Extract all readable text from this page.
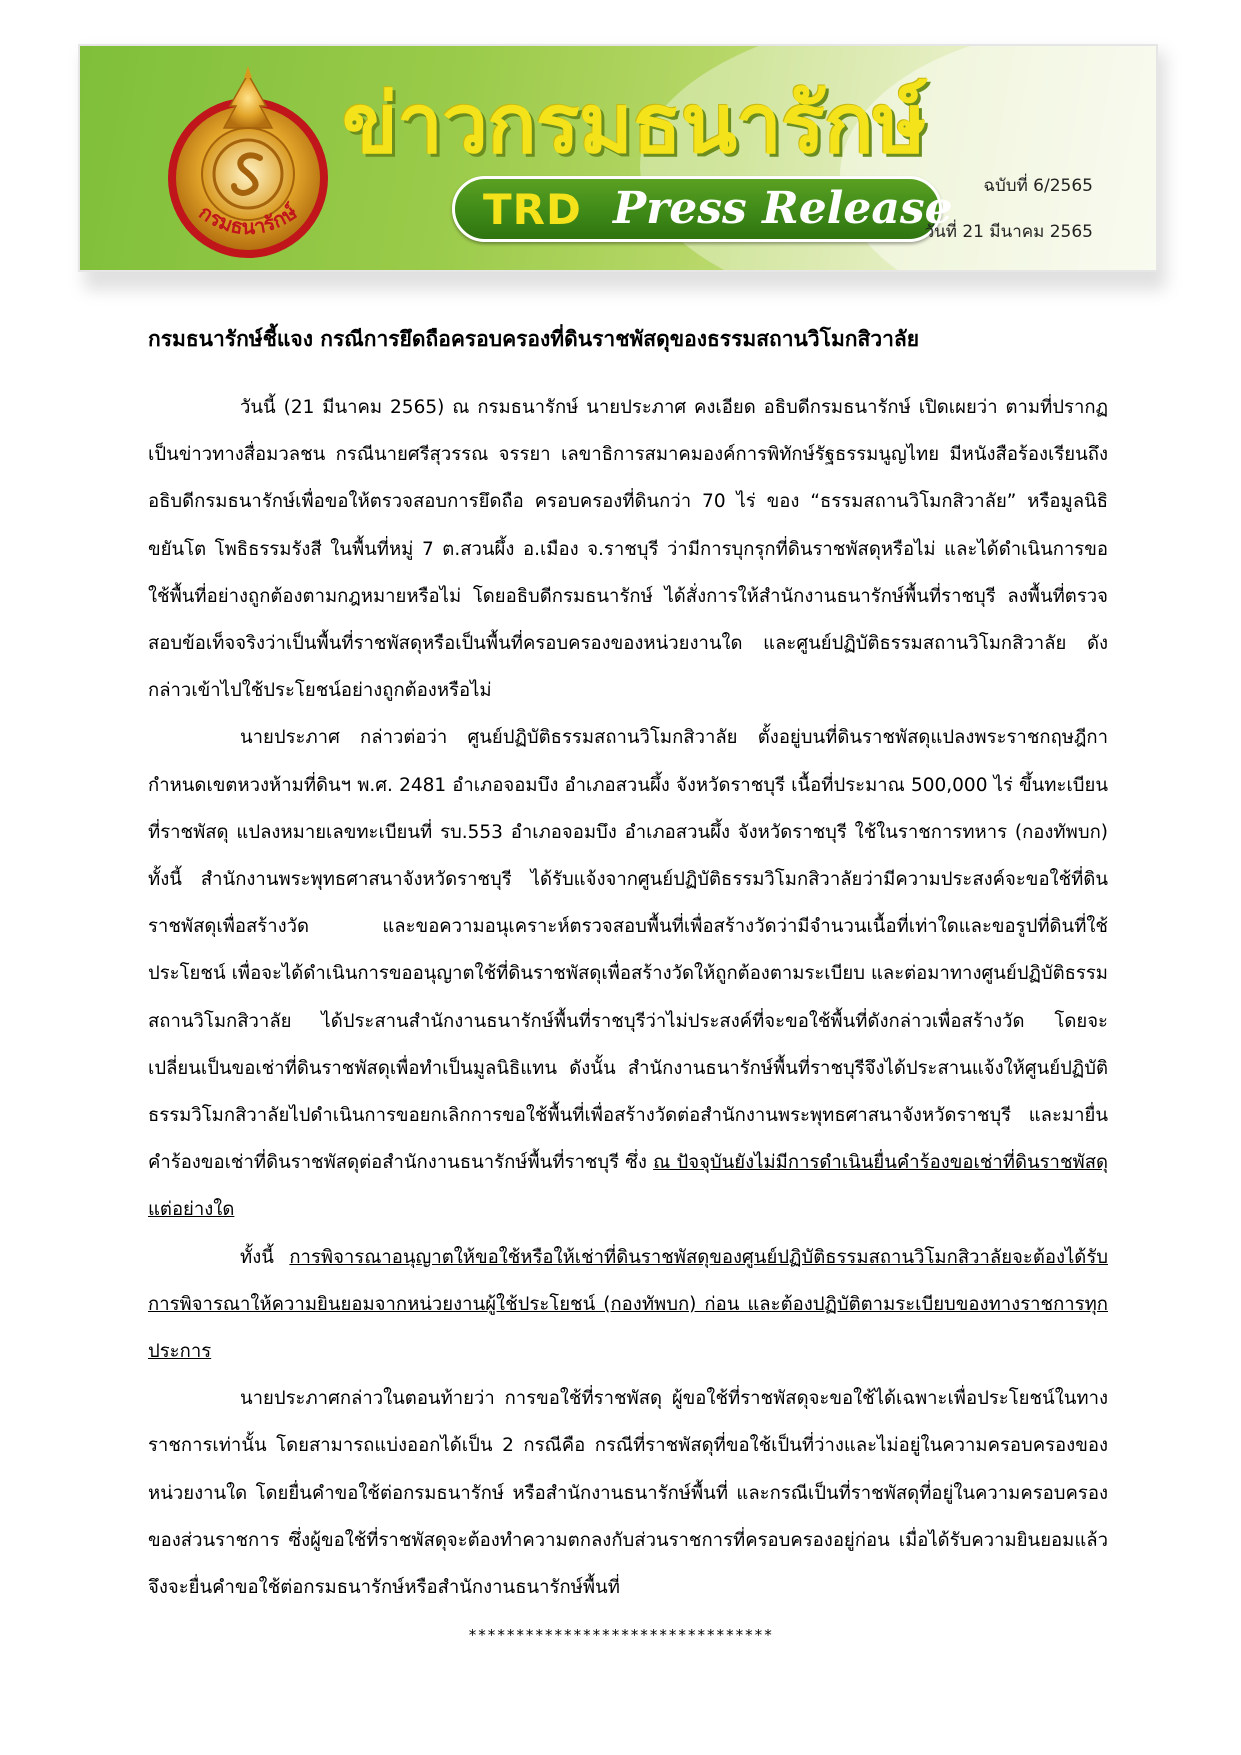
กรมธนารักษ์
ข่าวกรมธนารักษ์
TRD Press Release ฉบับที่ 6/2565
วันที่ 21 มีนาคม 2565
กรมธนารักษ์ชี้แจง กรณีการยึดถือครอบครองที่ดินราชพัสดุของธรรมสถานวิโมกสิวาลัย

วันนี้ (21 มีนาคม 2565) ณ กรมธนารักษ์ นายประภาศ คงเอียด อธิบดีกรมธนารักษ์ เปิดเผยว่า ตามที่ปรากฏเป็นข่าวทางสื่อมวลชน กรณีนายศรีสุวรรณ จรรยา เลขาธิการสมาคมองค์การพิทักษ์รัฐธรรมนูญไทย มีหนังสือร้องเรียนถึงอธิบดีกรมธนารักษ์เพื่อขอให้ตรวจสอบการยึดถือ ครอบครองที่ดินกว่า 70 ไร่ ของ “ธรรมสถานวิโมกสิวาลัย” หรือมูลนิธิขยันโต โพธิธรรมรังสี ในพื้นที่หมู่ 7 ต.สวนผึ้ง อ.เมือง จ.ราชบุรี ว่ามีการบุกรุกที่ดินราชพัสดุหรือไม่ และได้ดำเนินการขอใช้พื้นที่อย่างถูกต้องตามกฎหมายหรือไม่ โดยอธิบดีกรมธนารักษ์ ได้สั่งการให้สำนักงานธนารักษ์พื้นที่ราชบุรี ลงพื้นที่ตรวจสอบข้อเท็จจริงว่าเป็นพื้นที่ราชพัสดุหรือเป็นพื้นที่ครอบครองของหน่วยงานใด และศูนย์ปฏิบัติธรรมสถานวิโมกสิวาลัย ดังกล่าวเข้าไปใช้ประโยชน์อย่างถูกต้องหรือไม่

นายประภาศ กล่าวต่อว่า ศูนย์ปฏิบัติธรรมสถานวิโมกสิวาลัย ตั้งอยู่บนที่ดินราชพัสดุแปลงพระราชกฤษฎีกากำหนดเขตหวงห้ามที่ดินฯ พ.ศ. 2481 อำเภอจอมบึง อำเภอสวนผึ้ง จังหวัดราชบุรี เนื้อที่ประมาณ 500,000 ไร่ ขึ้นทะเบียนที่ราชพัสดุ แปลงหมายเลขทะเบียนที่ รบ.553 อำเภอจอมบึง อำเภอสวนผึ้ง จังหวัดราชบุรี ใช้ในราชการทหาร (กองทัพบก) ทั้งนี้ สำนักงานพระพุทธศาสนาจังหวัดราชบุรี ได้รับแจ้งจากศูนย์ปฏิบัติธรรมวิโมกสิวาลัยว่ามีความประสงค์จะขอใช้ที่ดินราชพัสดุเพื่อสร้างวัด และขอความอนุเคราะห์ตรวจสอบพื้นที่เพื่อสร้างวัดว่ามีจำนวนเนื้อที่เท่าใดและขอรูปที่ดินที่ใช้ประโยชน์ เพื่อจะได้ดำเนินการขออนุญาตใช้ที่ดินราชพัสดุเพื่อสร้างวัดให้ถูกต้องตามระเบียบ และต่อมาทางศูนย์ปฏิบัติธรรมสถานวิโมกสิวาลัย ได้ประสานสำนักงานธนารักษ์พื้นที่ราชบุรีว่าไม่ประสงค์ที่จะขอใช้พื้นที่ดังกล่าวเพื่อสร้างวัด โดยจะเปลี่ยนเป็นขอเช่าที่ดินราชพัสดุเพื่อทำเป็นมูลนิธิแทน ดังนั้น สำนักงานธนารักษ์พื้นที่ราชบุรีจึงได้ประสานแจ้งให้ศูนย์ปฏิบัติธรรมวิโมกสิวาลัยไปดำเนินการขอยกเลิกการขอใช้พื้นที่เพื่อสร้างวัดต่อสำนักงานพระพุทธศาสนาจังหวัดราชบุรี และมายื่นคำร้องขอเช่าที่ดินราชพัสดุต่อสำนักงานธนารักษ์พื้นที่ราชบุรี ซึ่ง ณ ปัจจุบันยังไม่มีการดำเนินยื่นคำร้องขอเช่าที่ดินราชพัสดุแต่อย่างใด

ทั้งนี้ การพิจารณาอนุญาตให้ขอใช้หรือให้เช่าที่ดินราชพัสดุของศูนย์ปฏิบัติธรรมสถานวิโมกสิวาลัยจะต้องได้รับการพิจารณาให้ความยินยอมจากหน่วยงานผู้ใช้ประโยชน์ (กองทัพบก) ก่อน และต้องปฏิบัติตามระเบียบของทางราชการทุกประการ

นายประภาศกล่าวในตอนท้ายว่า การขอใช้ที่ราชพัสดุ ผู้ขอใช้ที่ราชพัสดุจะขอใช้ได้เฉพาะเพื่อประโยชน์ในทางราชการเท่านั้น โดยสามารถแบ่งออกได้เป็น 2 กรณีคือ กรณีที่ราชพัสดุที่ขอใช้เป็นที่ว่างและไม่อยู่ในความครอบครองของหน่วยงานใด โดยยื่นคำขอใช้ต่อกรมธนารักษ์ หรือสำนักงานธนารักษ์พื้นที่ และกรณีเป็นที่ราชพัสดุที่อยู่ในความครอบครองของส่วนราชการ ซึ่งผู้ขอใช้ที่ราชพัสดุจะต้องทำความตกลงกับส่วนราชการที่ครอบครองอยู่ก่อน เมื่อได้รับความยินยอมแล้วจึงจะยื่นคำขอใช้ต่อกรมธนารักษ์หรือสำนักงานธนารักษ์พื้นที่

********************************
